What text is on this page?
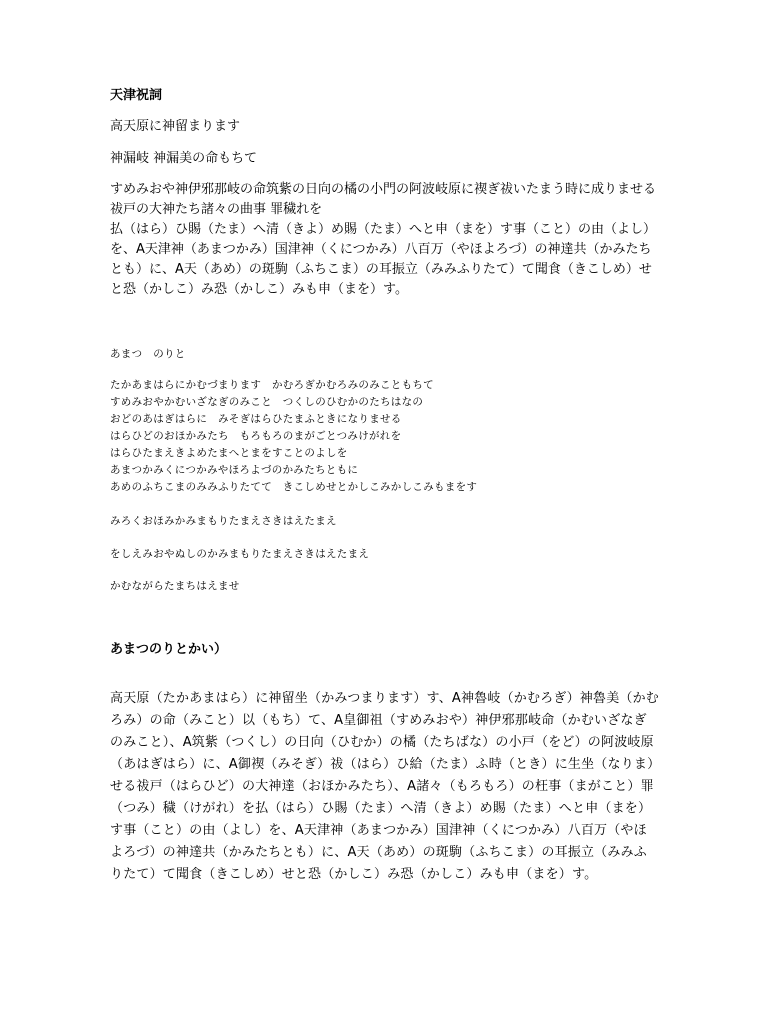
天津祝詞

高天原に神留まります

神漏岐 神漏美の命もちて

すめみおや神伊邪那岐の命筑紫の日向の橘の小門の阿波岐原に禊ぎ祓いたまう時に成りませる祓戸の大神たち諸々の曲事 罪穢れを

払（はら）ひ賜（たま）へ清（きよ）め賜（たま）へと申（まを）す事（こと）の由（よし）を、A天津神（あまつかみ）国津神（くにつかみ）八百万（やほよろづ）の神達共（かみたちとも）に、A天（あめ）の斑駒（ふちこま）の耳振立（みみふりたて）て聞食（きこしめ）せと恐（かしこ）み恐（かしこ）みも申（まを）す。

あまつ　のりと

たかあまはらにかむづまります　かむろぎかむろみのみこともちて
すめみおやかむいざなぎのみこと　つくしのひむかのたちはなの
おどのあはぎはらに　みそぎはらひたまふときになりませる
はらひどのおほかみたち　もろもろのまがごとつみけがれを
はらひたまえきよめたまへとまをすことのよしを
あまつかみくにつかみやほろよづのかみたちともに
あめのふちこまのみみふりたてて　きこしめせとかしこみかしこみもまをす

みろくおほみかみまもりたまえさきはえたまえ

をしえみおやぬしのかみまもりたまえさきはえたまえ

かむながらたまちはえませ

あまつのりとかい）

高天原（たかあまはら）に神留坐（かみつまります）す、A神魯岐（かむろぎ）神魯美（かむろみ）の命（みこと）以（もち）て、A皇御祖（すめみおや）神伊邪那岐命（かむいざなぎのみこと）、A筑紫（つくし）の日向（ひむか）の橘（たちばな）の小戸（をど）の阿波岐原（あはぎはら）に、A御禊（みそぎ）祓（はら）ひ給（たま）ふ時（とき）に生坐（なりま）せる祓戸（はらひど）の大神達（おほかみたち）、A諸々（もろもろ）の枉事（まがこと）罪（つみ）穢（けがれ）を払（はら）ひ賜（たま）へ清（きよ）め賜（たま）へと申（まを）す事（こと）の由（よし）を、A天津神（あまつかみ）国津神（くにつかみ）八百万（やほよろづ）の神達共（かみたちとも）に、A天（あめ）の斑駒（ふちこま）の耳振立（みみふりたて）て聞食（きこしめ）せと恐（かしこ）み恐（かしこ）みも申（まを）す。
